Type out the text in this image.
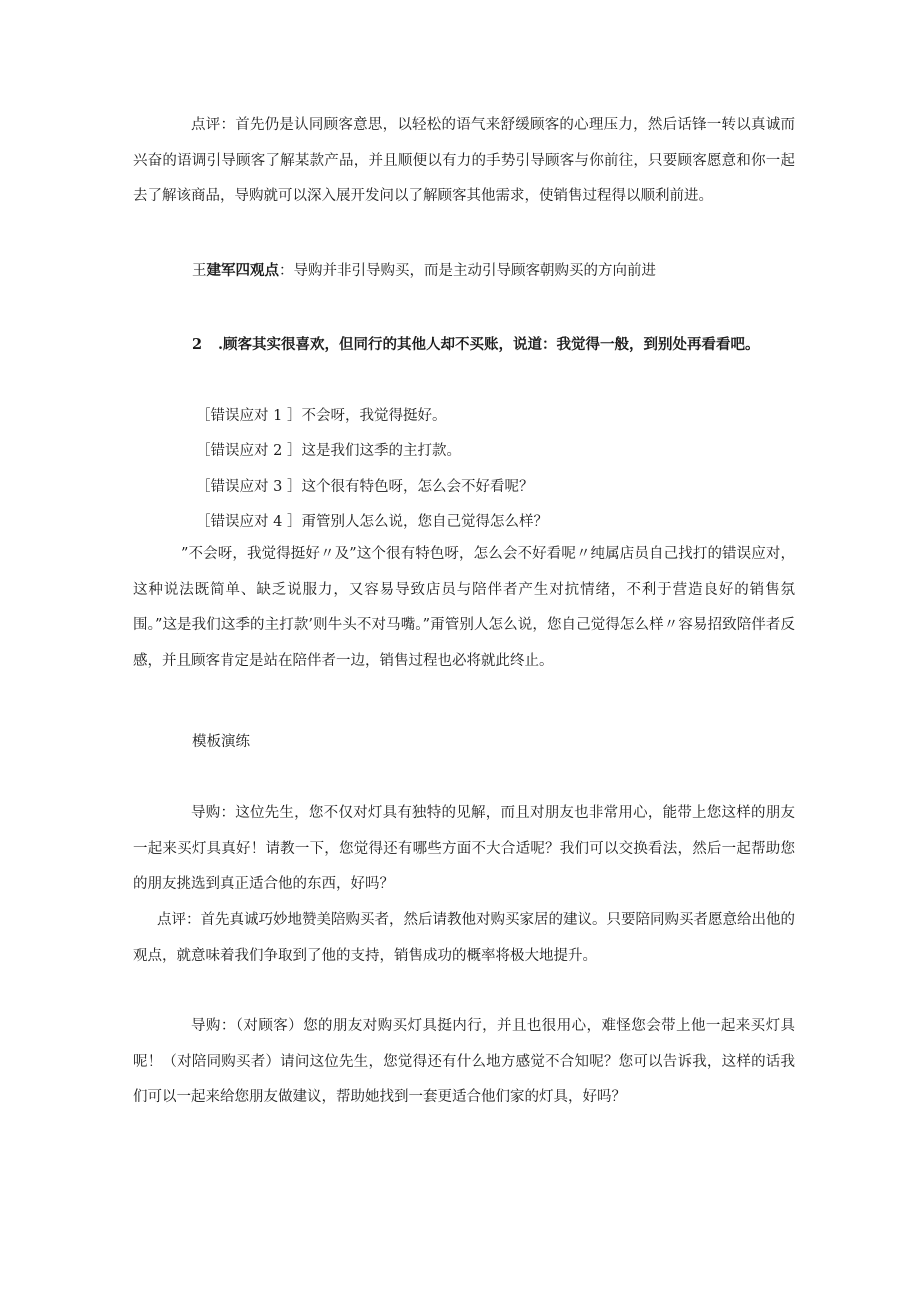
点评：首先仍是认同顾客意思，以轻松的语气来舒缓顾客的心理压力，然后话锋一转以真诚而兴奋的语调引导顾客了解某款产品，并且顺便以有力的手势引导顾客与你前往，只要顾客愿意和你一起去了解该商品，导购就可以深入展开发问以了解顾客其他需求，使销售过程得以顺利前进。

王建军四观点：导购并非引导购买，而是主动引导顾客朝购买的方向前进

2 .顾客其实很喜欢，但同行的其他人却不买账，说道：我觉得一般，到别处再看看吧。

［错误应对 1 ］不会呀，我觉得挺好。

［错误应对 2 ］这是我们这季的主打款。

［错误应对 3 ］这个很有特色呀，怎么会不好看呢？

［错误应对 4 ］甭管别人怎么说，您自己觉得怎么样？

”不会呀，我觉得挺好〃及”这个很有特色呀，怎么会不好看呢〃纯属店员自己找打的错误应对，这种说法既简单、缺乏说服力，又容易导致店员与陪伴者产生对抗情绪，不利于营造良好的销售氛围。”这是我们这季的主打款’则牛头不对马嘴。”甭管别人怎么说，您自己觉得怎么样〃容易招致陪伴者反感，并且顾客肯定是站在陪伴者一边，销售过程也必将就此终止。

模板演练

导购：这位先生，您不仅对灯具有独特的见解，而且对朋友也非常用心，能带上您这样的朋友一起来买灯具真好！请教一下，您觉得还有哪些方面不大合适呢？我们可以交换看法，然后一起帮助您的朋友挑选到真正适合他的东西，好吗？

点评：首先真诚巧妙地赞美陪购买者，然后请教他对购买家居的建议。只要陪同购买者愿意给出他的观点，就意味着我们争取到了他的支持，销售成功的概率将极大地提升。

导购：（对顾客）您的朋友对购买灯具挺内行，并且也很用心，难怪您会带上他一起来买灯具呢！（对陪同购买者）请问这位先生，您觉得还有什么地方感觉不合知呢？您可以告诉我，这样的话我们可以一起来给您朋友做建议，帮助她找到一套更适合他们家的灯具，好吗？
